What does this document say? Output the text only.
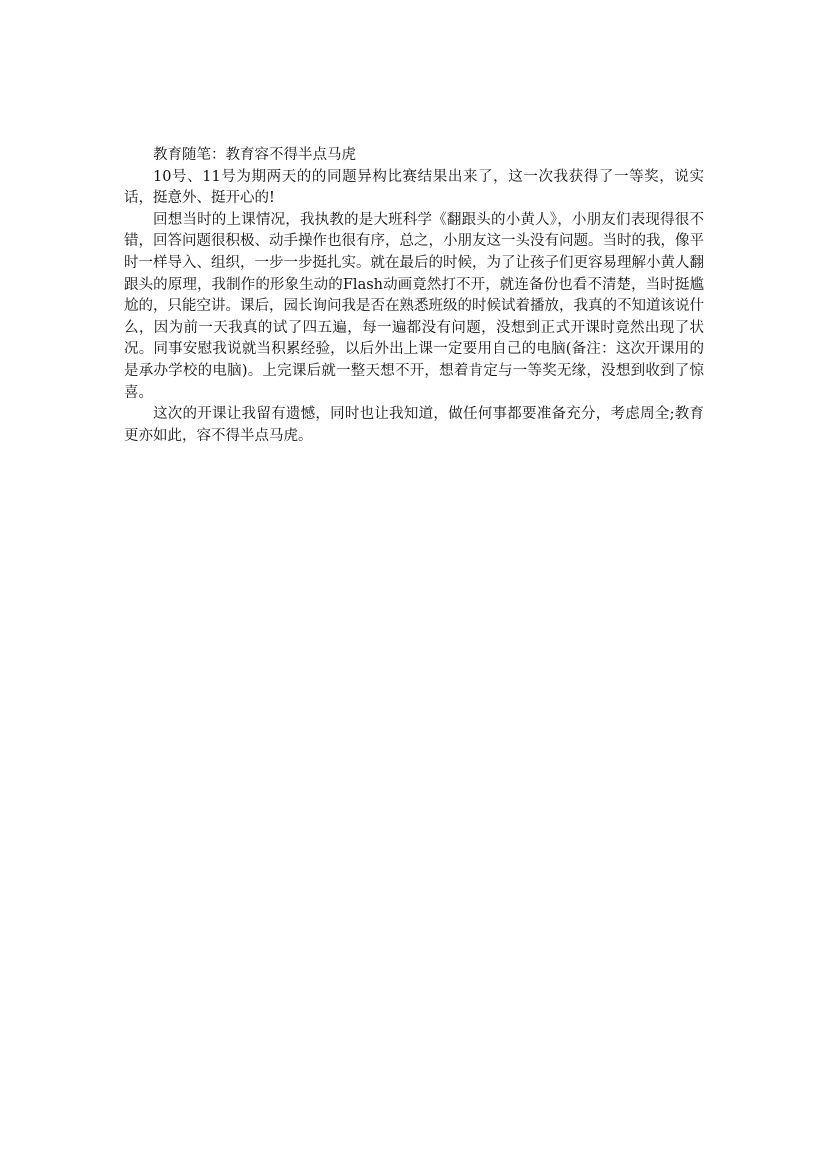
教育随笔：教育容不得半点马虎

10号、11号为期两天的的同题异构比赛结果出来了，这一次我获得了一等奖，说实话，挺意外、挺开心的!

回想当时的上课情况，我执教的是大班科学《翻跟头的小黄人》，小朋友们表现得很不错，回答问题很积极、动手操作也很有序，总之，小朋友这一头没有问题。当时的我，像平时一样导入、组织，一步一步挺扎实。就在最后的时候，为了让孩子们更容易理解小黄人翻跟头的原理，我制作的形象生动的Flash动画竟然打不开，就连备份也看不清楚，当时挺尴尬的，只能空讲。课后，园长询问我是否在熟悉班级的时候试着播放，我真的不知道该说什么，因为前一天我真的试了四五遍，每一遍都没有问题，没想到正式开课时竟然出现了状况。同事安慰我说就当积累经验，以后外出上课一定要用自己的电脑(备注：这次开课用的是承办学校的电脑)。上完课后就一整天想不开，想着肯定与一等奖无缘，没想到收到了惊喜。

这次的开课让我留有遗憾，同时也让我知道，做任何事都要准备充分，考虑周全;教育更亦如此，容不得半点马虎。
